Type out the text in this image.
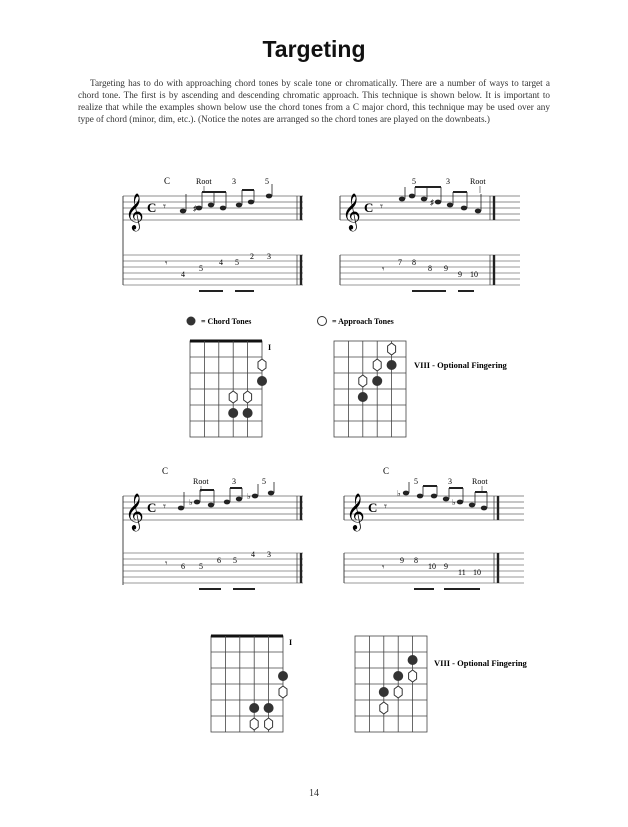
Targeting
Targeting has to do with approaching chord tones by scale tone or chromatically. There are a number of ways to target a chord tone. The first is by ascending and descending chromatic approach. This technique is shown below. It is important to realize that while the examples shown below use the chord tones from a C major chord, this technique may be used over any type of chord (minor, dim, etc.). (Notice the notes are arranged so the chord tones are played on the downbeats.)
C	Root	3	5
𝄞 C 𝄾	♯
𝄾
4
5
4 5
2 3
5	3	Root
𝄞 C 𝄾	♯
𝄾
7 8
8 9
9 10
= Chord Tones	= Approach Tones
I
VIII - Optional Fingering
C
Root	3	5
𝄞 C 𝄾	♭
♭
𝄾 6 5
6 5
4 3
C
5	3	Root
𝄞 C 𝄾
♭
♭
𝄾
9 8
10 9
11 10
I
VIII - Optional Fingering
14
